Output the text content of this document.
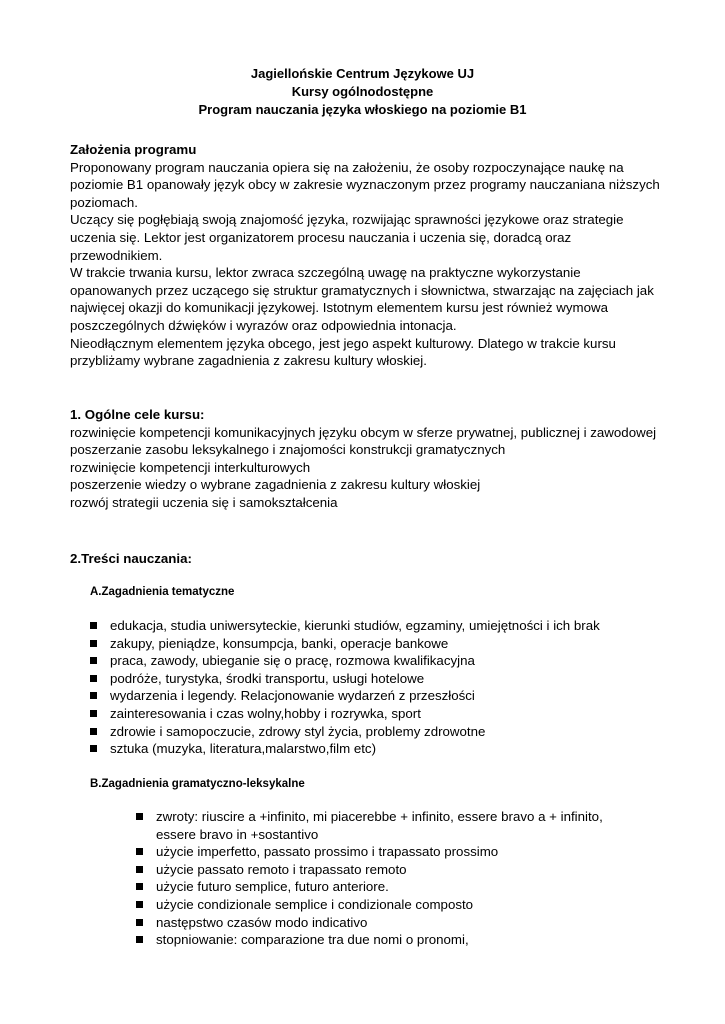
Jagiellońskie Centrum Językowe UJ
Kursy ogólnodostępne
Program nauczania języka włoskiego na poziomie B1
Założenia programu
Proponowany program nauczania opiera się na założeniu, że osoby rozpoczynające naukę na poziomie B1 opanowały język obcy w zakresie wyznaczonym przez programy nauczaniana niższych poziomach.
Uczący się pogłębiają swoją znajomość języka, rozwijając sprawności językowe oraz strategie uczenia się. Lektor jest organizatorem procesu nauczania i uczenia się, doradcą oraz przewodnikiem.
W trakcie trwania kursu, lektor zwraca szczególną uwagę na praktyczne wykorzystanie opanowanych przez uczącego się struktur gramatycznych i słownictwa, stwarzając na zajęciach jak najwięcej okazji do komunikacji językowej. Istotnym elementem kursu jest również wymowa poszczególnych dźwięków i wyrazów oraz odpowiednia intonacja.
Nieodłącznym elementem języka obcego, jest jego aspekt kulturowy. Dlatego w trakcie kursu przybliżamy wybrane zagadnienia z zakresu kultury włoskiej.
1. Ogólne cele kursu:
rozwinięcie kompetencji komunikacyjnych języku obcym w sferze prywatnej, publicznej i zawodowej
poszerzanie zasobu leksykalnego i znajomości konstrukcji gramatycznych
rozwinięcie kompetencji interkulturowych
poszerzenie wiedzy o wybrane zagadnienia z zakresu kultury włoskiej
rozwój strategii uczenia się i samokształcenia
2.Treści nauczania:
A.Zagadnienia tematyczne
edukacja, studia uniwersyteckie, kierunki studiów, egzaminy, umiejętności i ich brak
zakupy, pieniądze, konsumpcja, banki, operacje bankowe
praca, zawody, ubieganie się o pracę, rozmowa kwalifikacyjna
podróże, turystyka, środki transportu, usługi hotelowe
wydarzenia i legendy. Relacjonowanie wydarzeń z przeszłości
zainteresowania i czas wolny,hobby i rozrywka, sport
zdrowie i samopoczucie, zdrowy styl życia, problemy zdrowotne
sztuka (muzyka, literatura,malarstwo,film etc)
B.Zagadnienia gramatyczno-leksykalne
zwroty: riuscire a +infinito, mi piacerebbe + infinito, essere bravo a + infinito, essere bravo in +sostantivo
użycie imperfetto, passato prossimo i trapassato prossimo
użycie passato remoto i trapassato remoto
użycie futuro semplice, futuro anteriore.
użycie condizionale semplice i condizionale composto
następstwo czasów modo indicativo
stopniowanie: comparazione tra due nomi o pronomi,
